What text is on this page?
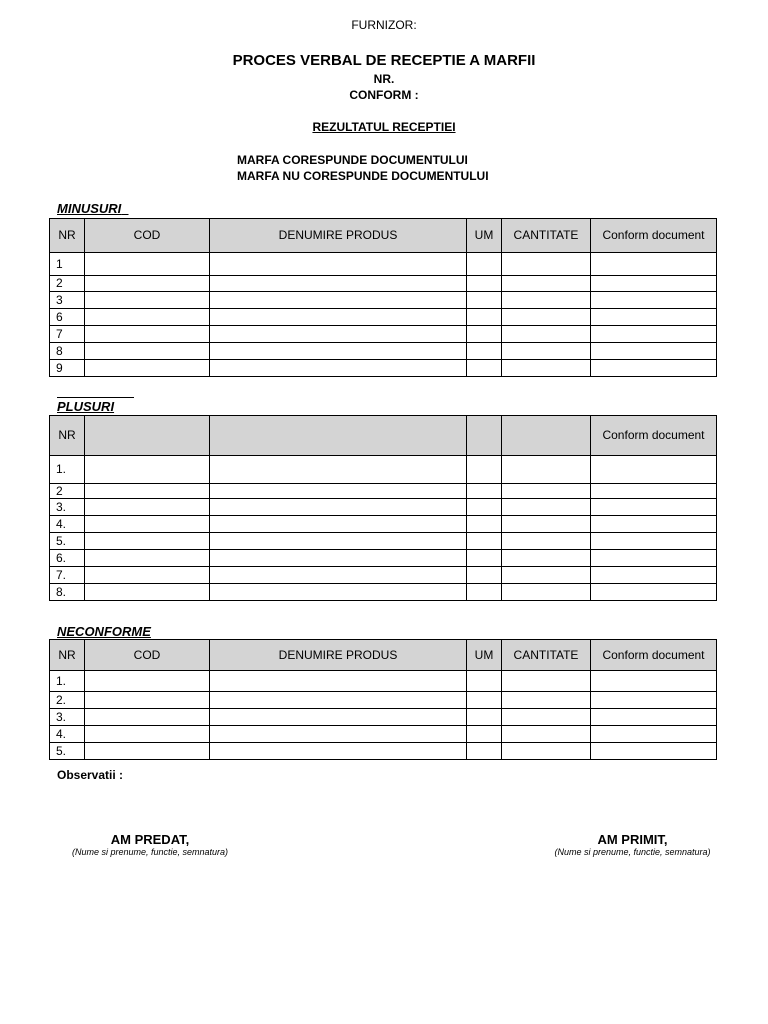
FURNIZOR:
PROCES VERBAL DE RECEPTIE A MARFII
NR.
CONFORM :
REZULTATUL RECEPTIEI
MARFA CORESPUNDE DOCUMENTULUI
MARFA NU CORESPUNDE DOCUMENTULUI
MINUSURI
NR	COD	DENUMIRE PRODUS	UM	CANTITATE	Conform document
1					
2					
3					
6					
7					
8					
9					
PLUSURI
NR					Conform document
1.					
2					
3.					
4.					
5.					
6.					
7.					
8.					
NECONFORME
NR	COD	DENUMIRE PRODUS	UM	CANTITATE	Conform document
1.					
2.					
3.					
4.					
5.					
Observatii :
AM PREDAT,
(Nume si prenume, functie, semnatura)
AM PRIMIT,
(Nume si prenume, functie, semnatura)
